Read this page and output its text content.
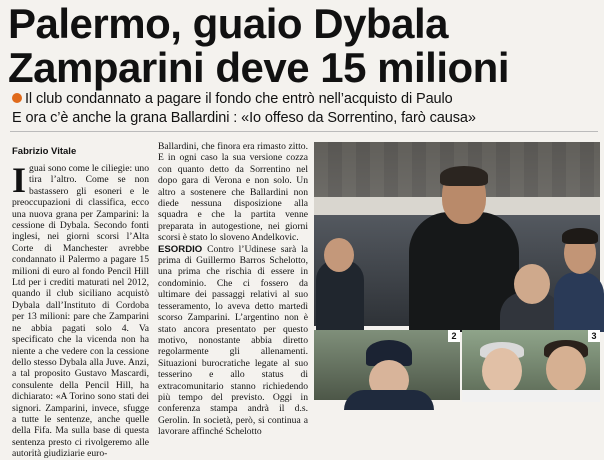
Palermo, guaio Dybala
Zamparini deve 15 milioni
Il club condannato a pagare il fondo che entrò nell’acquisto di Paulo
E ora c’è anche la grana Ballardini : «Io offeso da Sorrentino, farò causa»
Fabrizio Vitale

Iguai sono come le ciliegie: uno tira l’altro. Come se non bastassero gli esoneri e le preoccupazioni di classifica, ecco una nuova grana per Zamparini: la cessione di Dybala. Secondo fonti inglesi, nei giorni scorsi l’Alta Corte di Manchester avrebbe condannato il Palermo a pagare 15 milioni di euro al fondo Pencil Hill Ltd per i crediti maturati nel 2012, quando il club siciliano acquistò Dybala dall’Instituto di Cordoba per 13 milioni: pare che Zamparini ne abbia pagati solo 4. Va specificato che la vicenda non ha niente a che vedere con la cessione dello stesso Dybala alla Juve. Anzi, a tal proposito Gustavo Mascardi, consulente della Pencil Hill, ha dichiarato: «A Torino sono stati dei signori. Zamparini, invece, sfugge a tutte le sentenze, anche quelle della Fifa. Ma sulla base di questa sentenza presto ci rivolgeremo alle autorità giudiziarie euro-

Ballardini, che finora era rimasto zitto. E in ogni caso la sua versione cozza con quanto detto da Sorrentino nel dopo gara di Verona e non solo. Un altro a sostenere che Ballardini non diede nessuna disposizione alla squadra e che la partita venne preparata in autogestione, nei giorni scorsi è stato lo sloveno Andelkovic.

ESORDIO Contro l’Udinese sarà la prima di Guillermo Barros Schelotto, una prima che rischia di essere in condominio. Che ci fossero da ultimare dei passaggi relativi al suo tesseramento, lo aveva detto martedì scorso Zamparini. L’argentino non è stato ancora presentato per questo motivo, nonostante abbia diretto regolarmente gli allenamenti. Situazioni burocratiche legate al suo tesserino e allo status di extracomunitario stanno richiedendo più tempo del previsto. Oggi in conferenza stampa andrà il d.s. Gerolin. In società, però, si continua a lavorare affinché Schelotto

2	3
